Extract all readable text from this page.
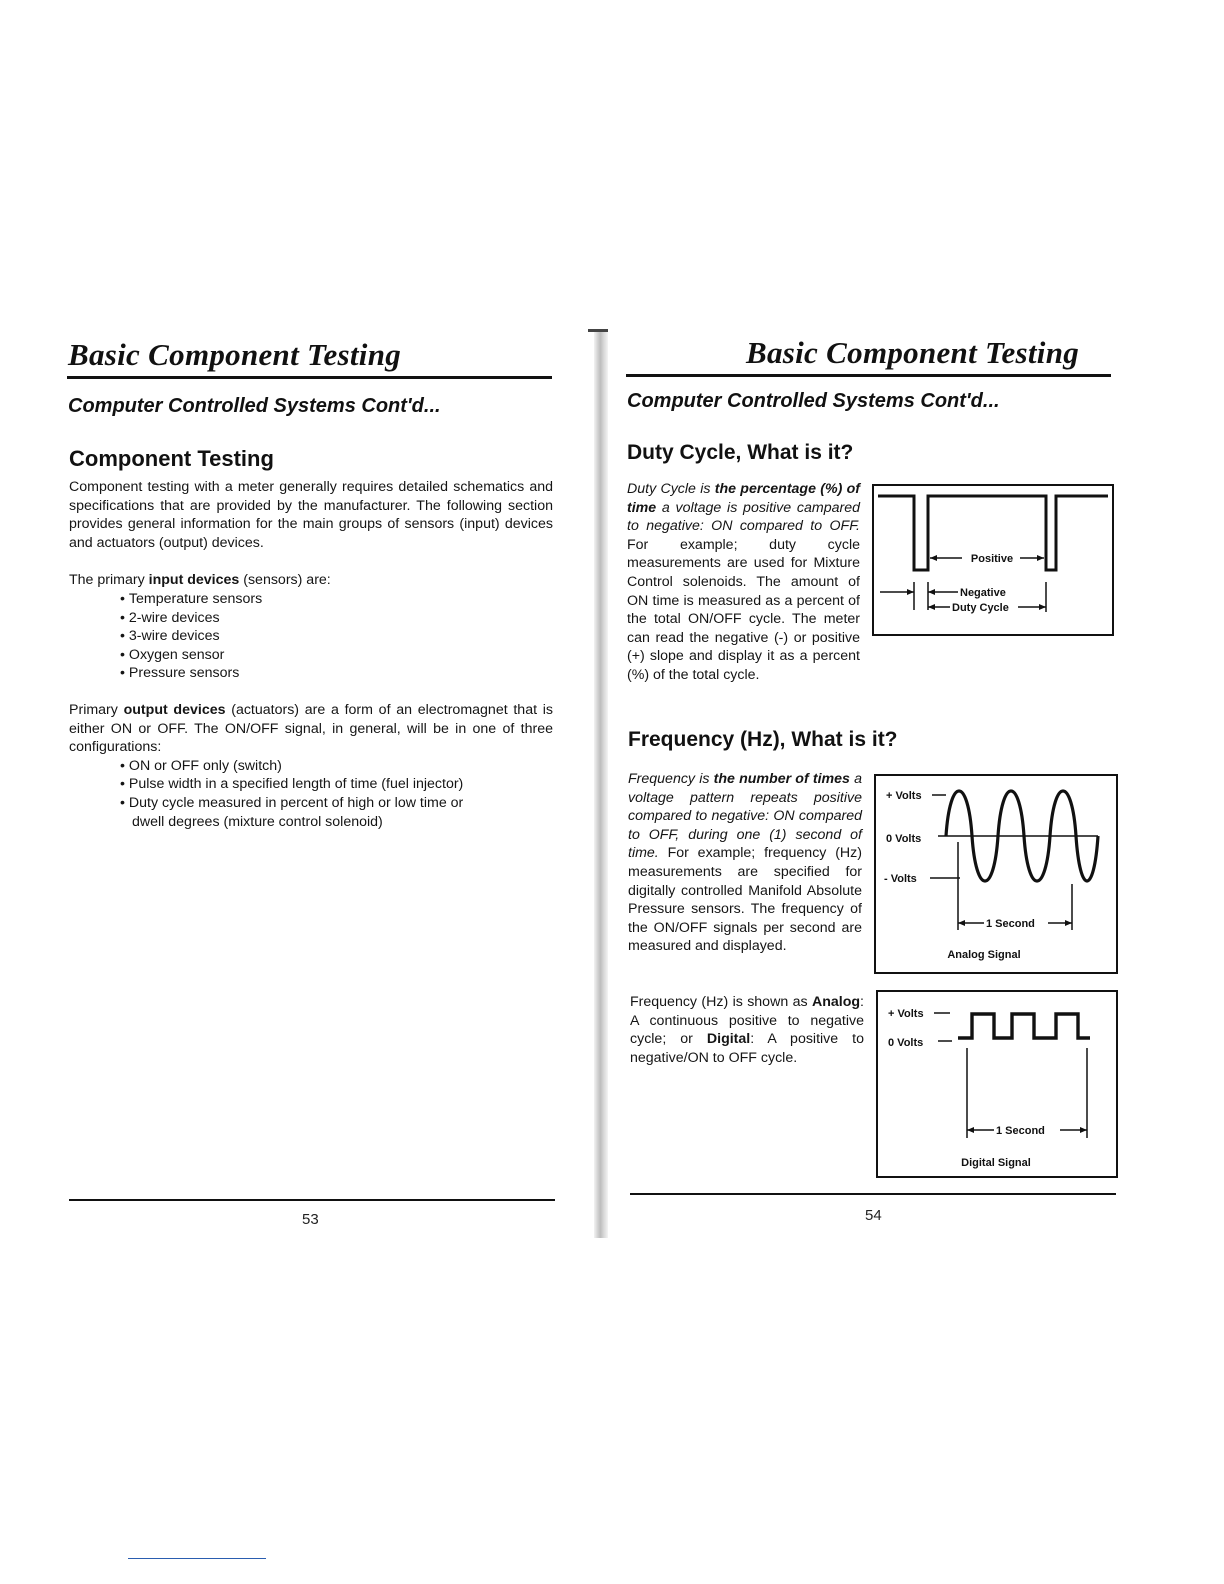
Basic Component Testing
Computer Controlled Systems Cont'd...
Component Testing

Component testing with a meter generally requires detailed schematics and specifications that are provided by the manufacturer. The following section provides general information for the main groups of sensors (input) devices and actuators (output) devices.

The primary input devices (sensors) are:

• Temperature sensors
• 2-wire devices
• 3-wire devices
• Oxygen sensor
• Pressure sensors

Primary output devices (actuators) are a form of an electromagnet that is either ON or OFF. The ON/OFF signal, in general, will be in one of three configurations:

• ON or OFF only (switch)
• Pulse width in a specified length of time (fuel injector)
• Duty cycle measured in percent of high or low time or dwell degrees (mixture control solenoid)
53
Basic Component Testing
Computer Controlled Systems Cont'd...
Duty Cycle, What is it?
Duty Cycle is the percentage (%) of time a voltage is positive campared to negative: ON compared to OFF. For example; duty cycle measurements are used for Mixture Control solenoids. The amount of ON time is measured as a percent of the total ON/OFF cycle. The meter can read the negative (-) or positive (+) slope and display it as a percent (%) of the total cycle.
Positive
Negative
Duty Cycle
Frequency (Hz), What is it?
Frequency is the number of times a voltage pattern repeats positive compared to negative: ON compared to OFF, during one (1) second of time. For example; frequency (Hz) measurements are specified for digitally controlled Manifold Absolute Pressure sensors. The frequency of the ON/OFF signals per second are measured and displayed.
Frequency (Hz) is shown as Analog: A continuous positive to negative cycle; or Digital: A positive to negative/ON to OFF cycle.
+ Volts
0 Volts
- Volts
1 Second
Analog Signal
+ Volts
0 Volts
1 Second
Digital Signal
54
